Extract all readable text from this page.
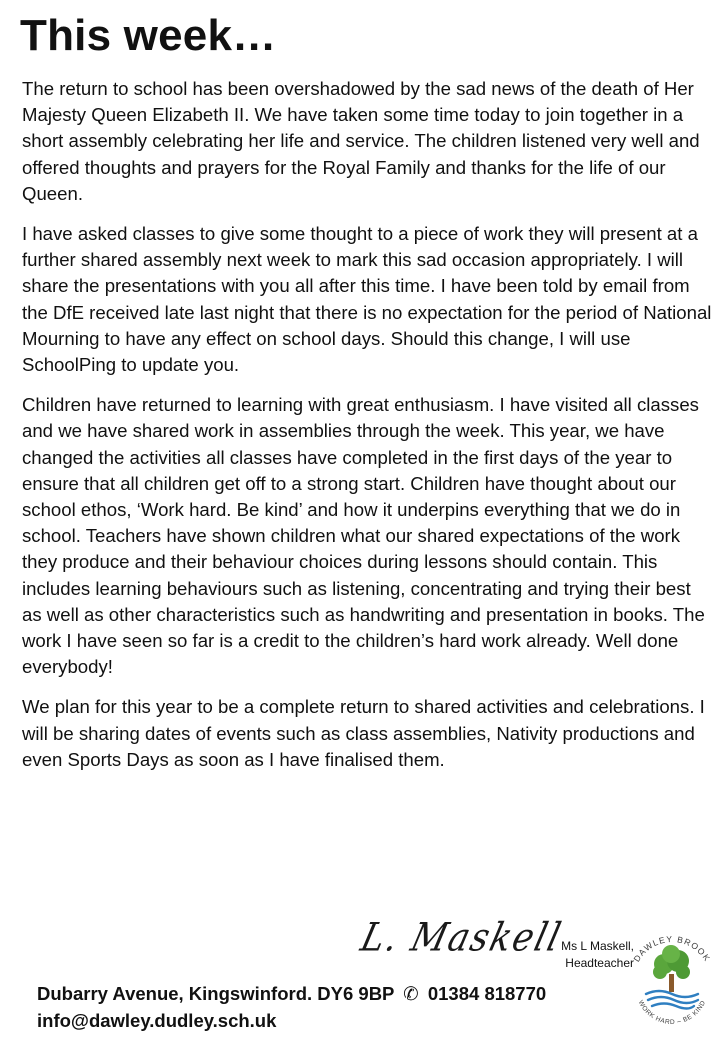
This week…

The return to school has been overshadowed by the sad news of the death of Her Majesty Queen Elizabeth II. We have taken some time today to join together in a short assembly celebrating her life and service. The children listened very well and offered thoughts and prayers for the Royal Family and thanks for the life of our Queen.

I have asked classes to give some thought to a piece of work they will present at a further shared assembly next week to mark this sad occasion appropriately. I will share the presentations with you all after this time. I have been told by email from the DfE received late last night that there is no expectation for the period of National Mourning to have any effect on school days. Should this change, I will use SchoolPing to update you.

Children have returned to learning with great enthusiasm. I have visited all classes and we have shared work in assemblies through the week. This year, we have changed the activities all classes have completed in the first days of the year to ensure that all children get off to a strong start. Children have thought about our school ethos, ‘Work hard. Be kind’ and how it underpins everything that we do in school. Teachers have shown children what our shared expectations of the work they produce and their behaviour choices during lessons should contain. This includes learning behaviours such as listening, concentrating and trying their best as well as other characteristics such as handwriting and presentation in books. The work I have seen so far is a credit to the children’s hard work already. Well done everybody!

We plan for this year to be a complete return to shared activities and celebrations. I will be sharing dates of events such as class assemblies, Nativity productions and even Sports Days as soon as I have finalised them.

L. Maskell
Ms L Maskell,
Headteacher
DAWLEY BROOK
WORK HARD – BE KIND
Dubarry Avenue, Kingswinford. DY6 9BP ✆ 01384 818770
info@dawley.dudley.sch.uk
